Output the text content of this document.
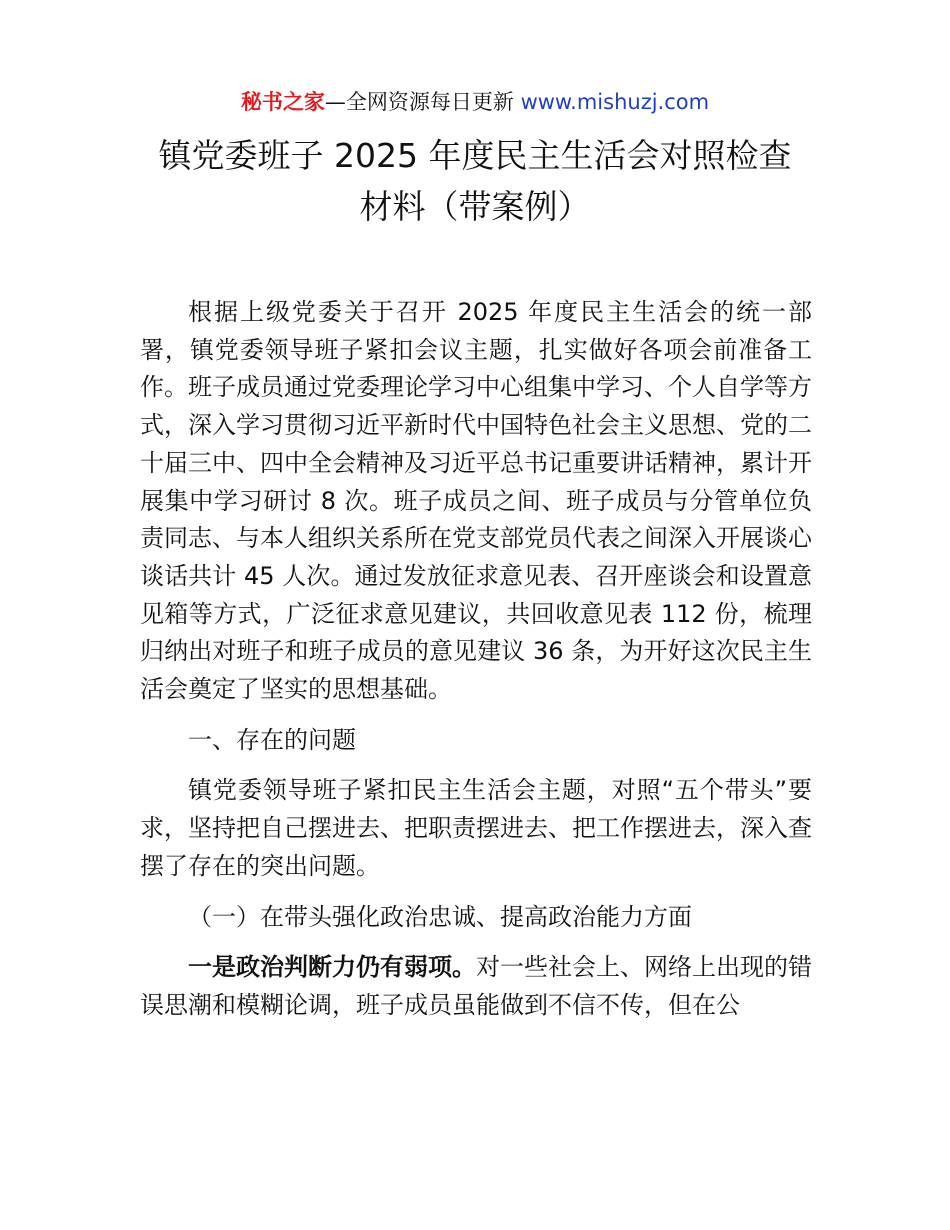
秘书之家—全网资源每日更新 www.mishuzj.com
镇党委班子 2025 年度民主生活会对照检查
材料（带案例）

根据上级党委关于召开 2025 年度民主生活会的统一部署，镇党委领导班子紧扣会议主题，扎实做好各项会前准备工作。班子成员通过党委理论学习中心组集中学习、个人自学等方式，深入学习贯彻习近平新时代中国特色社会主义思想、党的二十届三中、四中全会精神及习近平总书记重要讲话精神，累计开展集中学习研讨 8 次。班子成员之间、班子成员与分管单位负责同志、与本人组织关系所在党支部党员代表之间深入开展谈心谈话共计 45 人次。通过发放征求意见表、召开座谈会和设置意见箱等方式，广泛征求意见建议，共回收意见表 112 份，梳理归纳出对班子和班子成员的意见建议 36 条，为开好这次民主生活会奠定了坚实的思想基础。

一、存在的问题

镇党委领导班子紧扣民主生活会主题，对照“五个带头”要求，坚持把自己摆进去、把职责摆进去、把工作摆进去，深入查摆了存在的突出问题。

（一）在带头强化政治忠诚、提高政治能力方面

一是政治判断力仍有弱项。对一些社会上、网络上出现的错误思潮和模糊论调，班子成员虽能做到不信不传，但在公
